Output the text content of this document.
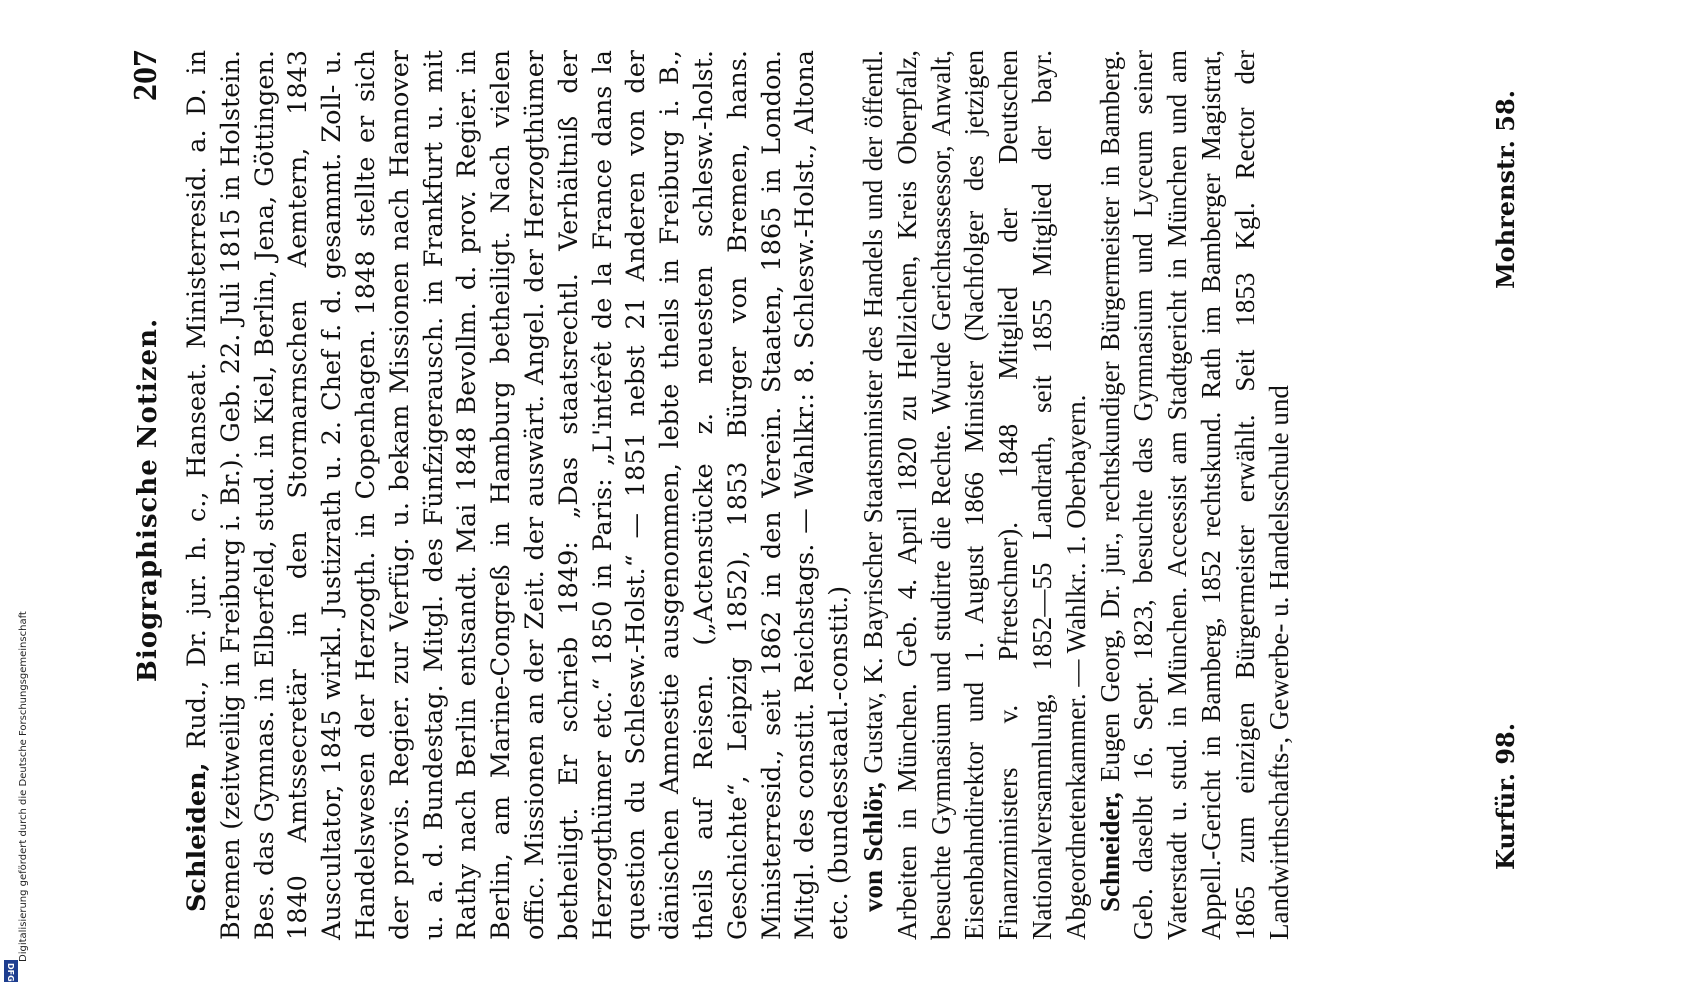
Biographische Notizen.
207

Schleiden, Rud., Dr. jur. h. c., Hanseat. Ministerresid. a. D. in Bremen (zeitweilig in Freiburg i. Br.). Geb. 22. Juli 1815 in Holstein. Bes. das Gymnas. in Elberfeld, stud. in Kiel, Berlin, Jena, Göttingen. 1840 Amtssecretär in den Stormarnschen Aemtern, 1843 Auscultator, 1845 wirkl. Justizrath u. 2. Chef f. d. gesammt. Zoll- u. Handelswesen der Herzogth. in Copenhagen. 1848 stellte er sich der provis. Regier. zur Verfüg. u. bekam Missionen nach Hannover u. a. d. Bundestag. Mitgl. des Fünfzigerausch. in Frankfurt u. mit Rathy nach Berlin entsandt. Mai 1848 Bevollm. d. prov. Regier. in Berlin, am Marine-Congreß in Hamburg betheiligt. Nach vielen offic. Missionen an der Zeit. der auswärt. Angel. der Herzogthümer betheiligt. Er schrieb 1849: „Das staatsrechtl. Verhältniß der Herzogthümer etc.“ 1850 in Paris: „L'intérêt de la France dans la question du Schlesw.-Holst.“ — 1851 nebst 21 Anderen von der dänischen Amnestie ausgenommen, lebte theils in Freiburg i. B., theils auf Reisen. („Actenstücke z. neuesten schlesw.-holst. Geschichte“, Leipzig 1852), 1853 Bürger von Bremen, hans. Ministerresid., seit 1862 in den Verein. Staaten, 1865 in London. Mitgl. des constit. Reichstags. — Wahlkr.: 8. Schlesw.-Holst., Altona etc. (bundesstaatl.-constit.) von Schlör, Gustav, K. Bayrischer Staatsminister des Handels und der öffentl. Arbeiten in München. Geb. 4. April 1820 zu Hellzichen, Kreis Oberpfalz, besuchte Gymnasium und studirte die Rechte. Wurde Gerichtsassessor, Anwalt, Eisenbahndirektor und 1. August 1866 Minister (Nachfolger des jetzigen Finanzministers v. Pfretschner). 1848 Mitglied der Deutschen Nationalversammlung, 1852—55 Landrath, seit 1855 Mitglied der bayr. Abgeordnetenkammer. — Wahlkr.. 1. Oberbayern. Schneider, Eugen Georg, Dr. jur., rechtskundiger Bürgermeister in Bamberg. Geb. daselbt 16. Sept. 1823, besuchte das Gymnasium und Lyceum seiner Vaterstadt u. stud. in München. Accessist am Stadtgericht in München und am Appell.-Gericht in Bamberg, 1852 rechtskund. Rath im Bamberger Magistrat, 1865 zum einzigen Bürgermeister erwählt. Seit 1853 Kgl. Rector der Landwirthschafts-, Gewerbe- u. Handelsschule und	Kurfür. 98.
Mohrenstr. 58.
Digitalisierung gefördert durch die Deutsche Forschungsgemeinschaft
DFG
